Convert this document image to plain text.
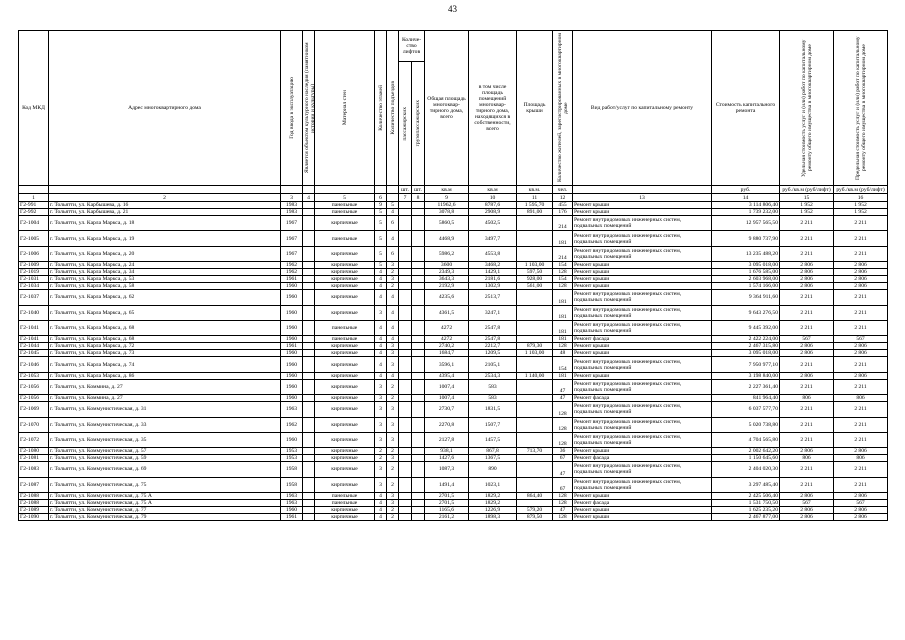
43
Код МКД	Адрес многоквартирного дома	Год ввода в эксплуатацию	Является объектом культурного наследия (памятником истории и культуры)	Материал стен	Количество этажей	Количество подъездов	Количе-ство лифтов		Общая площадь многоквар-тирного дома, всего	в том числе площадь помещений многоквар-тирного дома, находящихся в собственности, всего	Площадь крыши	Количество жителей, зарегистрированных в многоквартирном доме	Вид работ/услуг по капитальному ремонту	Стоимость капитального ремонта	Удельная стоимость услуг и (или) работ по капитальному ремонту общего имущества в многоквартирном доме	Предельная стоимость услуг и (или) работ по капитальному ремонту общего имущества в многоквартирном доме

							пассажирских	грузопассажирских								

							шт.	шт.	кв.м	кв.м	кв.м.	чел.		руб.	руб./кв.м (руб/лифт)	руб./кв.м (руб/лифт)
1	2	3	4	5	6		7	8	9	10	11	12	13	14	15	16
Г2-991	г. Тольятти, ул. Карбышева, д. 16	1983		панельные	9	5			11962,6	8787,6	1 595,70	455	Ремонт крыши	3 114 806,40	1 952	1 952
Г2-992	г. Тольятти, ул. Карбышева, д. 21	1983		панельные	5	4			3078,8	2908,9	891,00	176	Ремонт крыши	1 739 232,00	1 952	1 952
Г2-1004	г. Тольятти, ул. Карла Маркса, д. 18	1967		кирпичные	5	6			5860,5	4502,5		214	Ремонт внутридомовых инженерных систем, подвальных помещений	12 957 565,50	2 211	2 211
Г2-1005	г. Тольятти, ул. Карла Маркса, д. 19	1967		панельные	5	4			4468,9	3497,7		181	Ремонт внутридомовых инженерных систем, подвальных помещений	9 880 737,90	2 211	2 211
Г2-1006	г. Тольятти, ул. Карла Маркса, д. 20	1967		кирпичные	5	6			5986,2	4553,8		214	Ремонт внутридомовых инженерных систем, подвальных помещений	13 235 488,20	2 211	2 211
Г2-1009	г. Тольятти, ул. Карла Маркса, д. 24	1962		кирпичные	5	3			3600	3468,2	1 103,00	154	Ремонт крыши	3 095 018,00	2 806	2 806
Г2-1019	г. Тольятти, ул. Карла Маркса, д. 34	1962		кирпичные	4	2			2349,3	1429,1	597,50	128	Ремонт крыши	1 676 585,00	2 806	2 806
Г2-1031	г. Тольятти, ул. Карла Маркса, д. 53	1961		кирпичные	4	3			3643,3	2181,6	928,00	154	Ремонт крыши	2 603 968,00	2 806	2 806
Г2-1034	г. Тольятти, ул. Карла Маркса, д. 58	1960		кирпичные	4	2			2192,9	1302,9	561,00	128	Ремонт крыши	1 574 166,00	2 806	2 806
Г2-1037	г. Тольятти, ул. Карла Маркса, д. 62	1960		кирпичные	4	4			4235,6	2513,7		181	Ремонт внутридомовых инженерных систем, подвальных помещений	9 364 911,60	2 211	2 211
Г2-1040	г. Тольятти, ул. Карла Маркса, д. 65	1960		кирпичные	3	4			4361,5	3247,1		181	Ремонт внутридомовых инженерных систем, подвальных помещений	9 643 276,50	2 211	2 211
Г2-1041	г. Тольятти, ул. Карла Маркса, д. 68	1960		панельные	4	4			4272	2547,8		181	Ремонт внутридомовых инженерных систем, подвальных помещений	9 445 392,00	2 211	2 211
Г2-1041	г. Тольятти, ул. Карла Маркса, д. 68	1960		панельные	4	4			4272	2547,8		181	Ремонт фасада	2 422 224,00	567	567
Г2-1044	г. Тольятти, ул. Карла Маркса, д. 72	1961		кирпичные	4	3			2740,2	2212,7	879,30	128	Ремонт крыши	2 467 315,80	2 806	2 806
Г2-1045	г. Тольятти, ул. Карла Маркса, д. 73	1960		кирпичные	4	3			1684,7	1209,5	1 103,00	48	Ремонт крыши	3 095 018,00	2 806	2 806
Г2-1046	г. Тольятти, ул. Карла Маркса, д. 74	1960		кирпичные	4	3			3596,1	2105,1		154	Ремонт внутридомовых инженерных систем, подвальных помещений	7 950 977,10	2 211	2 211
Г2-1053	г. Тольятти, ул. Карла Маркса, д. 86	1960		кирпичные	4	4			4395,4	2534,3	1 140,00	181	Ремонт крыши	3 198 840,00	2 806	2 806
Г2-1056	г. Тольятти, ул. Коммина, д. 27	1960		кирпичные	3	2			1007,4	583		47	Ремонт внутридомовых инженерных систем, подвальных помещений	2 227 361,40	2 211	2 211
Г2-1056	г. Тольятти, ул. Коммина, д. 27	1960		кирпичные	3	2			1007,4	583		47	Ремонт фасада	841 964,40	806	806
Г2-1069	г. Тольятти, ул. Коммунистическая, д. 31	1963		кирпичные	3	3			2730,7	1831,5		128	Ремонт внутридомовых инженерных систем, подвальных помещений	6 037 577,70	2 211	2 211
Г2-1070	г. Тольятти, ул. Коммунистическая, д. 33	1962		кирпичные	3	3			2270,8	1507,7		128	Ремонт внутридомовых инженерных систем, подвальных помещений	5 020 738,80	2 211	2 211
Г2-1072	г. Тольятти, ул. Коммунистическая, д. 35	1960		кирпичные	3	3			2127,8	1457,5		128	Ремонт внутридомовых инженерных систем, подвальных помещений	4 704 565,80	2 211	2 211
Г2-1080	г. Тольятти, ул. Коммунистическая, д. 57	1953		кирпичные	2	2			938,1	867,8	713,70	36	Ремонт крыши	2 002 642,20	2 806	2 806
Г2-1081	г. Тольятти, ул. Коммунистическая, д. 59	1953		кирпичные	2	3			1427,6	1367,5		67	Ремонт фасада	1 150 645,60	806	806
Г2-1083	г. Тольятти, ул. Коммунистическая, д. 69	1958		кирпичные	3	2			1087,3	890		47	Ремонт внутридомовых инженерных систем, подвальных помещений	2 404 020,30	2 211	2 211
Г2-1087	г. Тольятти, ул. Коммунистическая, д. 75	1958		кирпичные	3	2			1491,4	1023,1		67	Ремонт внутридомовых инженерных систем, подвальных помещений	3 297 485,40	2 211	2 211
Г2-1088	г. Тольятти, ул. Коммунистическая, д. 75 А	1963		панельные	4	3			2701,5	1829,2	864,40	128	Ремонт крыши	2 425 506,40	2 806	2 806
Г2-1088	г. Тольятти, ул. Коммунистическая, д. 75 А	1963		панельные	4	3			2701,5	1829,2		128	Ремонт фасада	1 531 750,50	567	567
Г2-1089	г. Тольятти, ул. Коммунистическая, д. 77	1960		кирпичные	4	2			1165,6	1226,9	579,20	47	Ремонт крыши	1 625 235,20	2 806	2 806
Г2-1090	г. Тольятти, ул. Коммунистическая, д. 79	1961		кирпичные	4	2			2161,2	1898,3	879,50	128	Ремонт крыши	2 467 877,00	2 806	2 806
